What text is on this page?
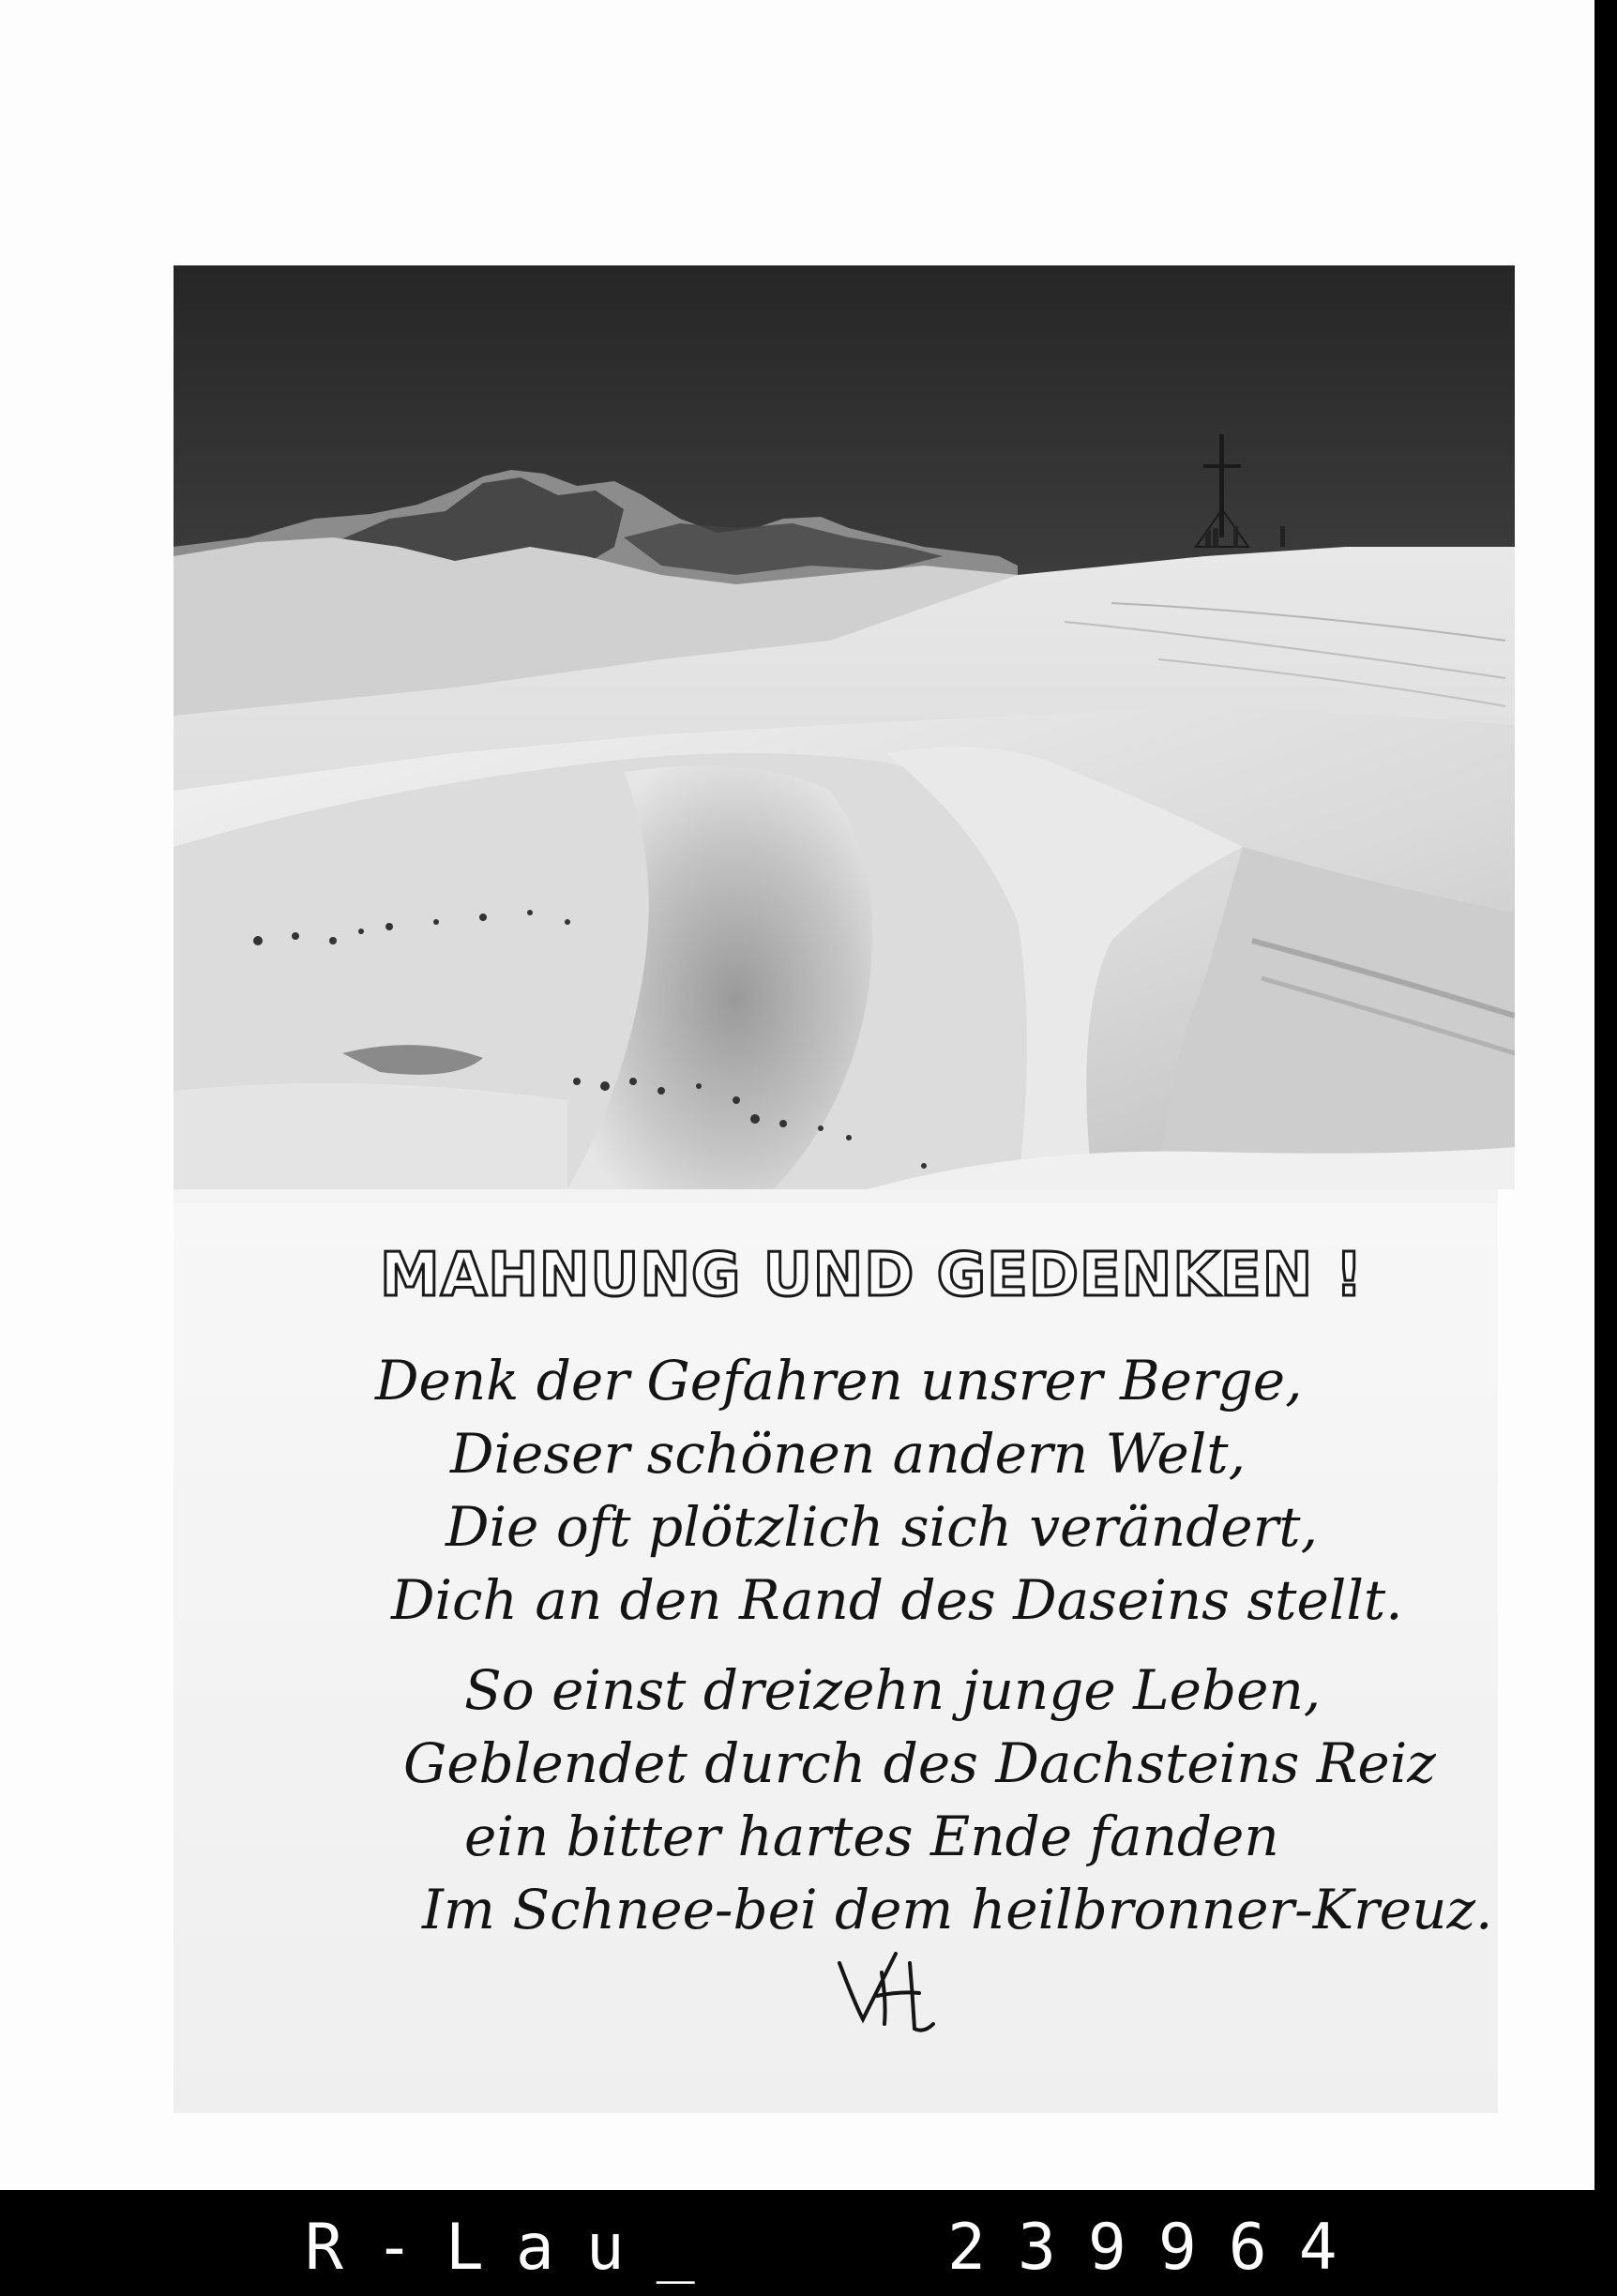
MAHNUNG UND GEDENKEN !
Denk der Gefahren unsrer Berge,
Dieser schönen andern Welt,
Die oft plötzlich sich verändert,
Dich an den Rand des Daseins stellt.
So einst dreizehn junge Leben,
Geblendet durch des Dachsteins Reiz
ein bitter hartes Ende fanden
Im Schnee-bei dem heilbronner-Kreuz.
R-Lau_	239964
